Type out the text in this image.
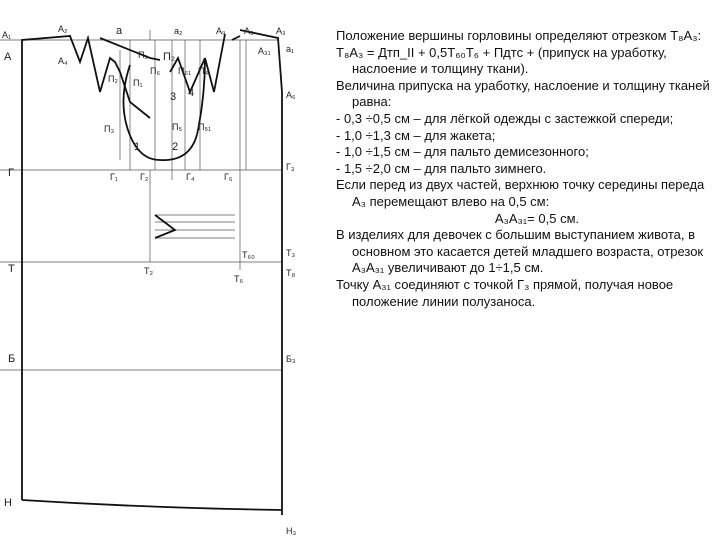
А₁
А
А₂	а	а₂	А₉ А₅ А₃
А₃₁ а₁
А₄
А₆
П₁ П₂
П₂
П₆ П₆₁ П₄
П₁
3 4
П₃	П₅ П₅₁
1	2
Г	Г₁ Г₂	Г₄	Г₆
Г₃
Т₆₀	Т₃
Т	Т₂
Т₆
Т₈
Б	Б₃
Н
Н₃

Положение вершины горловины определяют отрезком Т₈А₃:

Т₈А₃ = Дтп_II + 0,5Т₆₀Т₆ + Пдтс + (припуск на уработку, наслоение и толщину ткани).

Величина припуска на уработку, наслоение и толщину тканей равна:

- 0,3 ÷0,5 см – для лёгкой одежды с застежкой спереди;

- 1,0 ÷1,3 см – для жакета;

- 1,0 ÷1,5 см – для пальто демисезонного;

- 1,5 ÷2,0 см – для пальто зимнего.

Если перед из двух частей, верхнюю точку середины переда А₃ перемещают влево на 0,5 см:

А₃А₃₁= 0,5 см.

В изделиях для девочек с большим выступанием живота, в основном это касается детей младшего возраста, отрезок А₃А₃₁ увеличивают до 1÷1,5 см.

Точку А₃₁ соединяют с точкой Г₃ прямой, получая новое положение линии полузаноса.
